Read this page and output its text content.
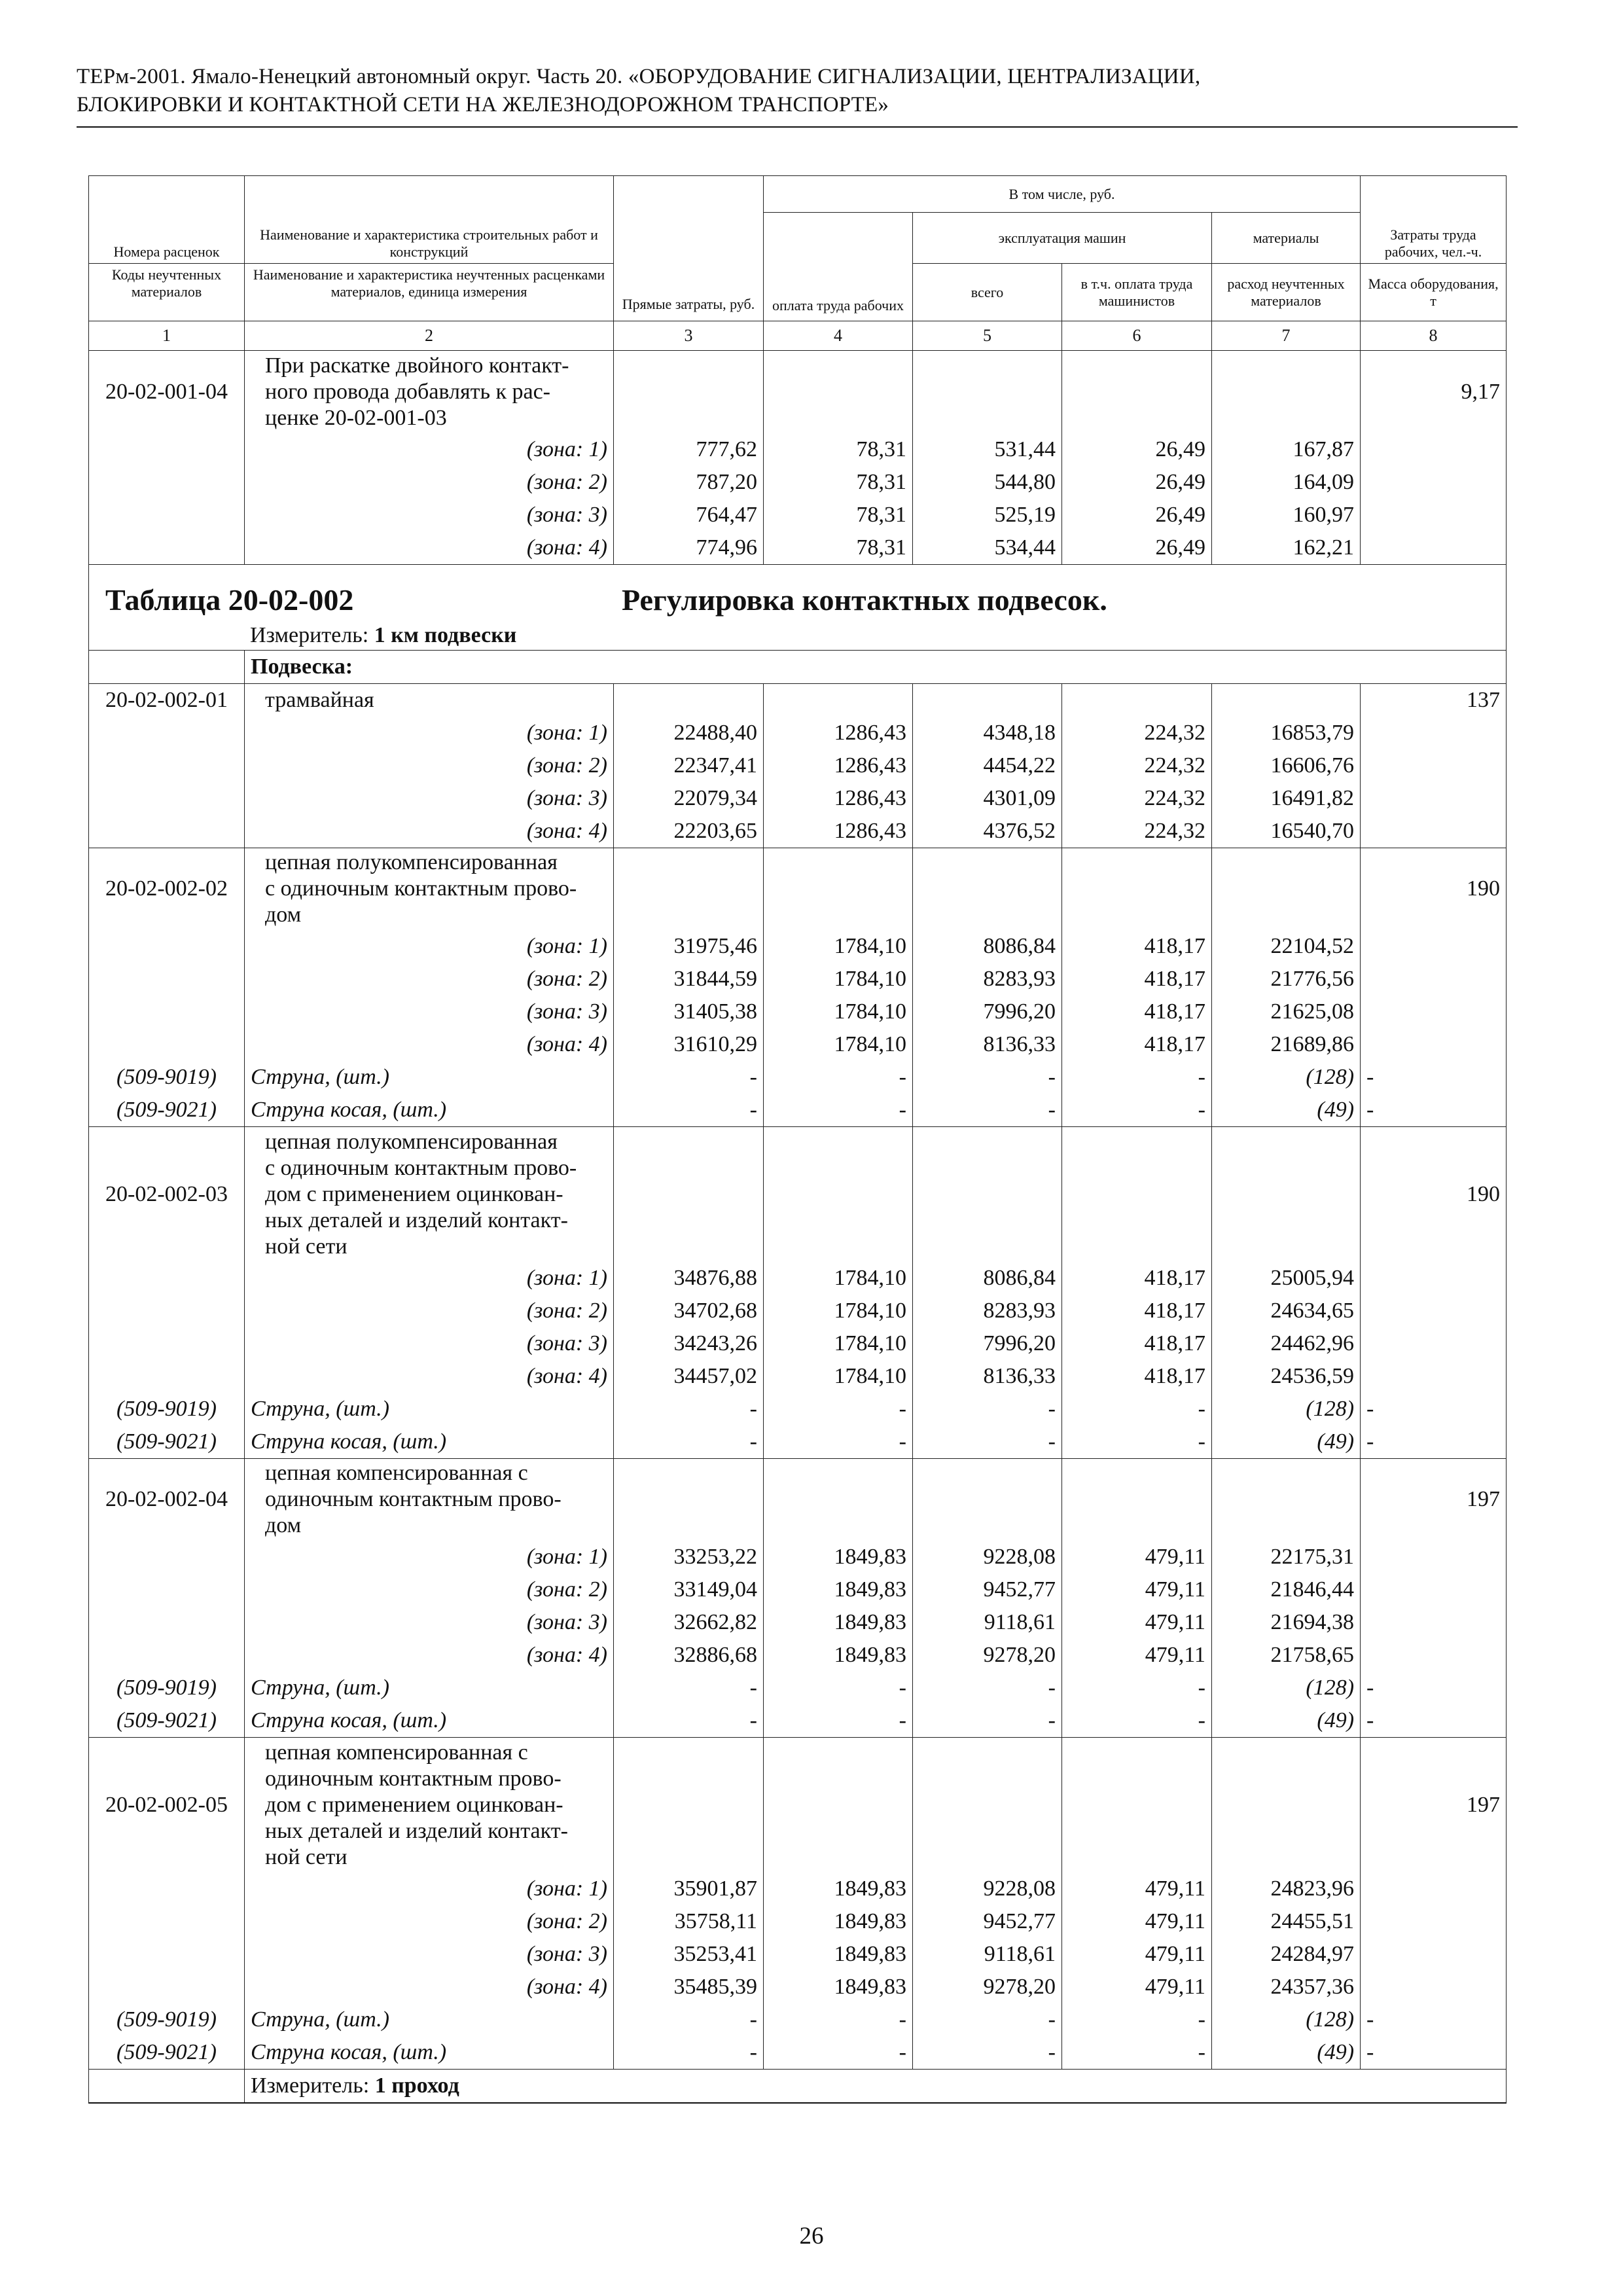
ТЕРм-2001. Ямало-Ненецкий автономный округ. Часть 20. «ОБОРУДОВАНИЕ СИГНАЛИЗАЦИИ, ЦЕНТРАЛИЗАЦИИ,
БЛОКИРОВКИ И КОНТАКТНОЙ СЕТИ НА ЖЕЛЕЗНОДОРОЖНОМ ТРАНСПОРТЕ»
Номера расценок	Наименование и характеристика строительных работ и конструкций	Прямые затраты, руб.	В том числе, руб.				Затраты труда рабочих, чел.-ч.
			оплата труда рабочих	эксплуатация машин		материалы	
Коды неучтенных материалов	Наименование и характеристика неучтенных расценками материалов, единица измерения			всего	в т.ч. оплата труда машинистов	расход неучтенных материалов	Масса оборудования, т
1	2	3	4	5	6	7	8
20-02-001-04	При раскатке двойного контакт-
ного провода добавлять к рас-
ценке 20-02-001-03						9,17
	(зона: 1)	777,62	78,31	531,44	26,49	167,87	
	(зона: 2)	787,20	78,31	544,80	26,49	164,09	
	(зона: 3)	764,47	78,31	525,19	26,49	160,97	
	(зона: 4)	774,96	78,31	534,44	26,49	162,21	
Таблица 20-02-002 Регулировка контактных подвесок.
Измеритель: 1 км подвески							

	Подвеска:						
20-02-002-01	трамвайная						137
	(зона: 1)	22488,40	1286,43	4348,18	224,32	16853,79	
	(зона: 2)	22347,41	1286,43	4454,22	224,32	16606,76	
	(зона: 3)	22079,34	1286,43	4301,09	224,32	16491,82	
	(зона: 4)	22203,65	1286,43	4376,52	224,32	16540,70	
20-02-002-02	цепная полукомпенсированная
с одиночным контактным прово-
дом						190
	(зона: 1)	31975,46	1784,10	8086,84	418,17	22104,52	
	(зона: 2)	31844,59	1784,10	8283,93	418,17	21776,56	
	(зона: 3)	31405,38	1784,10	7996,20	418,17	21625,08	
	(зона: 4)	31610,29	1784,10	8136,33	418,17	21689,86	
(509-9019)	Струна, (шт.)	-	-	-	-	(128)	-
(509-9021)	Струна косая, (шт.)	-	-	-	-	(49)	-
20-02-002-03	цепная полукомпенсированная
с одиночным контактным прово-
дом с применением оцинкован-
ных деталей и изделий контакт-
ной сети						190
	(зона: 1)	34876,88	1784,10	8086,84	418,17	25005,94	
	(зона: 2)	34702,68	1784,10	8283,93	418,17	24634,65	
	(зона: 3)	34243,26	1784,10	7996,20	418,17	24462,96	
	(зона: 4)	34457,02	1784,10	8136,33	418,17	24536,59	
(509-9019)	Струна, (шт.)	-	-	-	-	(128)	-
(509-9021)	Струна косая, (шт.)	-	-	-	-	(49)	-
20-02-002-04	цепная компенсированная с
одиночным контактным прово-
дом						197
	(зона: 1)	33253,22	1849,83	9228,08	479,11	22175,31	
	(зона: 2)	33149,04	1849,83	9452,77	479,11	21846,44	
	(зона: 3)	32662,82	1849,83	9118,61	479,11	21694,38	
	(зона: 4)	32886,68	1849,83	9278,20	479,11	21758,65	
(509-9019)	Струна, (шт.)	-	-	-	-	(128)	-
(509-9021)	Струна косая, (шт.)	-	-	-	-	(49)	-
20-02-002-05	цепная компенсированная с
одиночным контактным прово-
дом с применением оцинкован-
ных деталей и изделий контакт-
ной сети						197
	(зона: 1)	35901,87	1849,83	9228,08	479,11	24823,96	
	(зона: 2)	35758,11	1849,83	9452,77	479,11	24455,51	
	(зона: 3)	35253,41	1849,83	9118,61	479,11	24284,97	
	(зона: 4)	35485,39	1849,83	9278,20	479,11	24357,36	
(509-9019)	Струна, (шт.)	-	-	-	-	(128)	-
(509-9021)	Струна косая, (шт.)	-	-	-	-	(49)	-
	Измеритель: 1 проход						
26
